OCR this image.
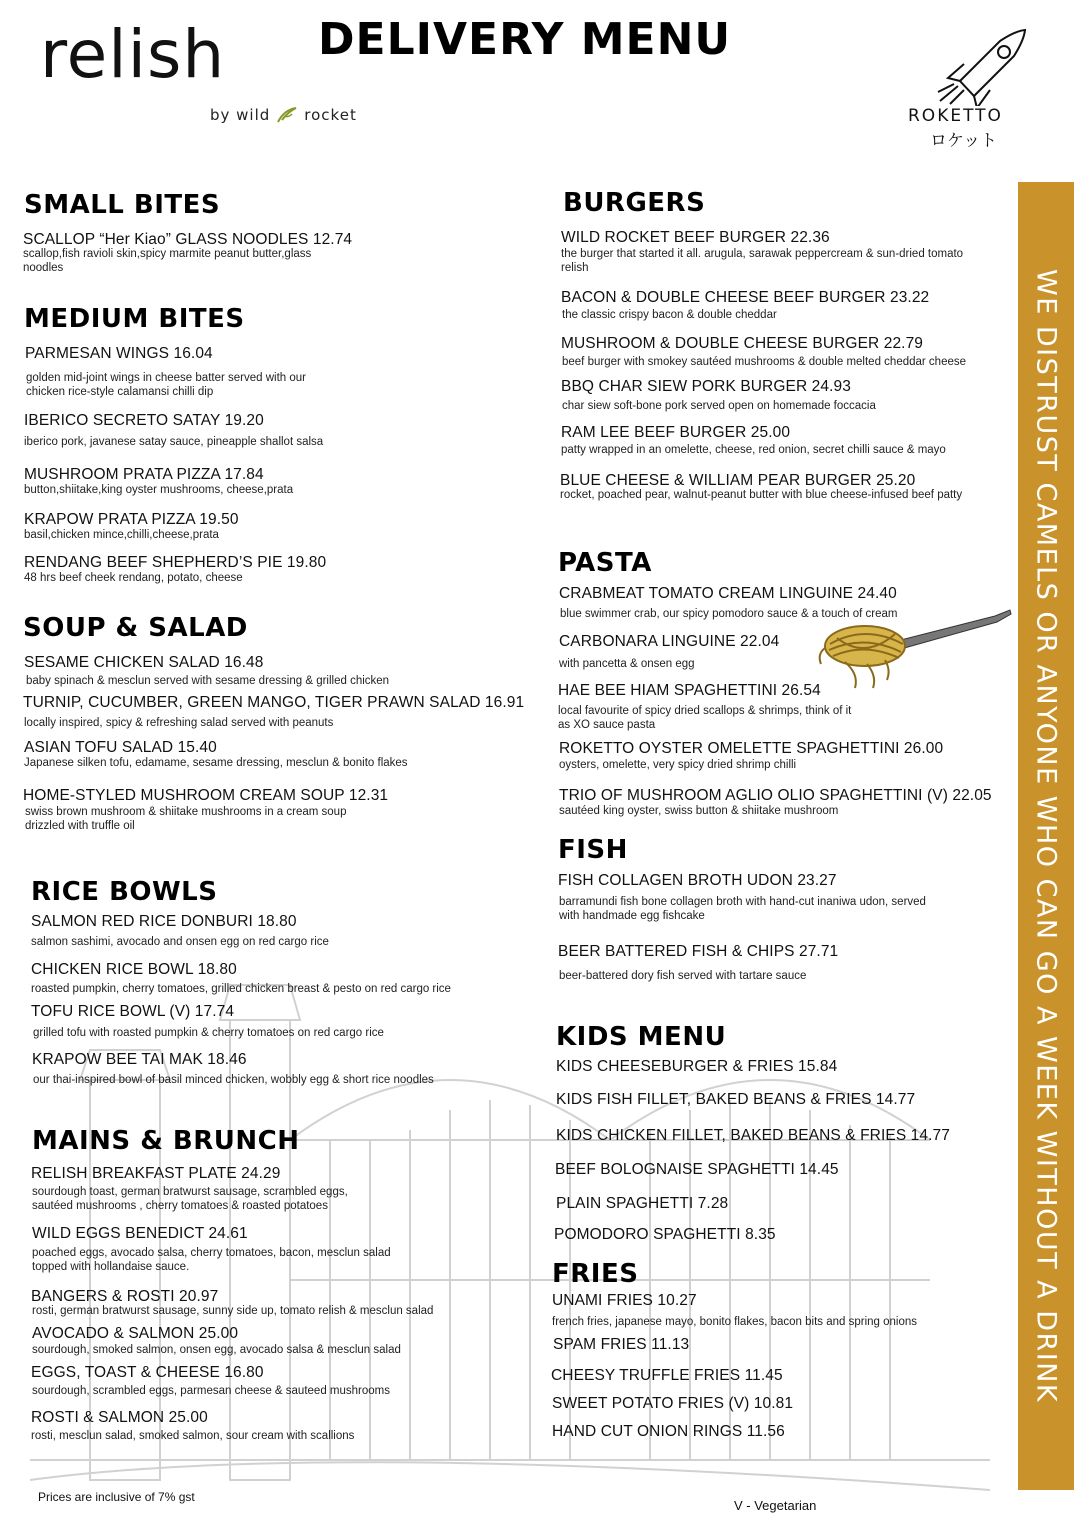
relish
by wild rocket
DELIVERY MENU
ROKETTO
ロケット
WE DISTRUST CAMELS OR ANYONE WHO CAN GO A WEEK WITHOUT A DRINK
SMALL BITES
SCALLOP “Her Kiao” GLASS NOODLES 12.74
scallop,fish ravioli skin,spicy marmite peanut butter,glass noodles
MEDIUM BITES
PARMESAN WINGS 16.04
golden mid-joint wings in cheese batter served with our chicken rice-style calamansi chilli dip
IBERICO SECRETO SATAY 19.20
iberico pork, javanese satay sauce, pineapple shallot salsa
MUSHROOM PRATA PIZZA 17.84
button,shiitake,king oyster mushrooms, cheese,prata
KRAPOW PRATA PIZZA 19.50
basil,chicken mince,chilli,cheese,prata
RENDANG BEEF SHEPHERD’S PIE 19.80
48 hrs beef cheek rendang, potato, cheese
SOUP & SALAD
SESAME CHICKEN SALAD 16.48
baby spinach & mesclun served with sesame dressing & grilled chicken
TURNIP, CUCUMBER, GREEN MANGO, TIGER PRAWN SALAD 16.91
locally inspired, spicy & refreshing salad served with peanuts
ASIAN TOFU SALAD 15.40
Japanese silken tofu, edamame, sesame dressing, mesclun & bonito flakes
HOME-STYLED MUSHROOM CREAM SOUP 12.31
swiss brown mushroom & shiitake mushrooms in a cream soup drizzled with truffle oil
RICE BOWLS
SALMON RED RICE DONBURI 18.80
salmon sashimi, avocado and onsen egg on red cargo rice
CHICKEN RICE BOWL 18.80
roasted pumpkin, cherry tomatoes, grilled chicken breast & pesto on red cargo rice
TOFU RICE BOWL (V) 17.74
grilled tofu with roasted pumpkin & cherry tomatoes on red cargo rice
KRAPOW BEE TAI MAK 18.46
our thai-inspired bowl of basil minced chicken, wobbly egg & short rice noodles
MAINS & BRUNCH
RELISH BREAKFAST PLATE 24.29
sourdough toast, german bratwurst sausage, scrambled eggs, sautéed mushrooms , cherry tomatoes & roasted potatoes
WILD EGGS BENEDICT 24.61
poached eggs, avocado salsa, cherry tomatoes, bacon, mesclun salad topped with hollandaise sauce.
BANGERS & ROSTI 20.97
rosti, german bratwurst sausage, sunny side up, tomato relish & mesclun salad
AVOCADO & SALMON 25.00
sourdough, smoked salmon, onsen egg, avocado salsa & mesclun salad
EGGS, TOAST & CHEESE 16.80
sourdough, scrambled eggs, parmesan cheese & sauteed mushrooms
ROSTI & SALMON 25.00
rosti, mesclun salad, smoked salmon, sour cream with scallions
BURGERS
WILD ROCKET BEEF BURGER 22.36
the burger that started it all. arugula, sarawak peppercream & sun-dried tomato relish
BACON & DOUBLE CHEESE BEEF BURGER 23.22
the classic crispy bacon & double cheddar
MUSHROOM & DOUBLE CHEESE BURGER 22.79
beef burger with smokey sautéed mushrooms & double melted cheddar cheese
BBQ CHAR SIEW PORK BURGER 24.93
char siew soft-bone pork served open on homemade foccacia
RAM LEE BEEF BURGER 25.00
patty wrapped in an omelette, cheese, red onion, secret chilli sauce & mayo
BLUE CHEESE & WILLIAM PEAR BURGER 25.20
rocket, poached pear, walnut-peanut butter with blue cheese-infused beef patty
PASTA
CRABMEAT TOMATO CREAM LINGUINE 24.40
blue swimmer crab, our spicy pomodoro sauce & a touch of cream
CARBONARA LINGUINE 22.04
with pancetta & onsen egg
HAE BEE HIAM SPAGHETTINI 26.54
local favourite of spicy dried scallops & shrimps, think of it as XO sauce pasta
ROKETTO OYSTER OMELETTE SPAGHETTINI 26.00
oysters, omelette, very spicy dried shrimp chilli
TRIO OF MUSHROOM AGLIO OLIO SPAGHETTINI (V) 22.05
sautéed king oyster, swiss button & shiitake mushroom
FISH
FISH COLLAGEN BROTH UDON 23.27
barramundi fish bone collagen broth with hand-cut inaniwa udon, served with handmade egg fishcake
BEER BATTERED FISH & CHIPS 27.71
beer-battered dory fish served with tartare sauce
KIDS MENU
KIDS CHEESEBURGER & FRIES 15.84
KIDS FISH FILLET, BAKED BEANS & FRIES 14.77
KIDS CHICKEN FILLET, BAKED BEANS & FRIES 14.77
BEEF BOLOGNAISE SPAGHETTI 14.45
PLAIN SPAGHETTI 7.28
POMODORO SPAGHETTI 8.35
FRIES
UNAMI FRIES 10.27
french fries, japanese mayo, bonito flakes, bacon bits and spring onions
SPAM FRIES 11.13
CHEESY TRUFFLE FRIES 11.45
SWEET POTATO FRIES (V) 10.81
HAND CUT ONION RINGS 11.56
Prices are inclusive of 7% gst
V - Vegetarian
